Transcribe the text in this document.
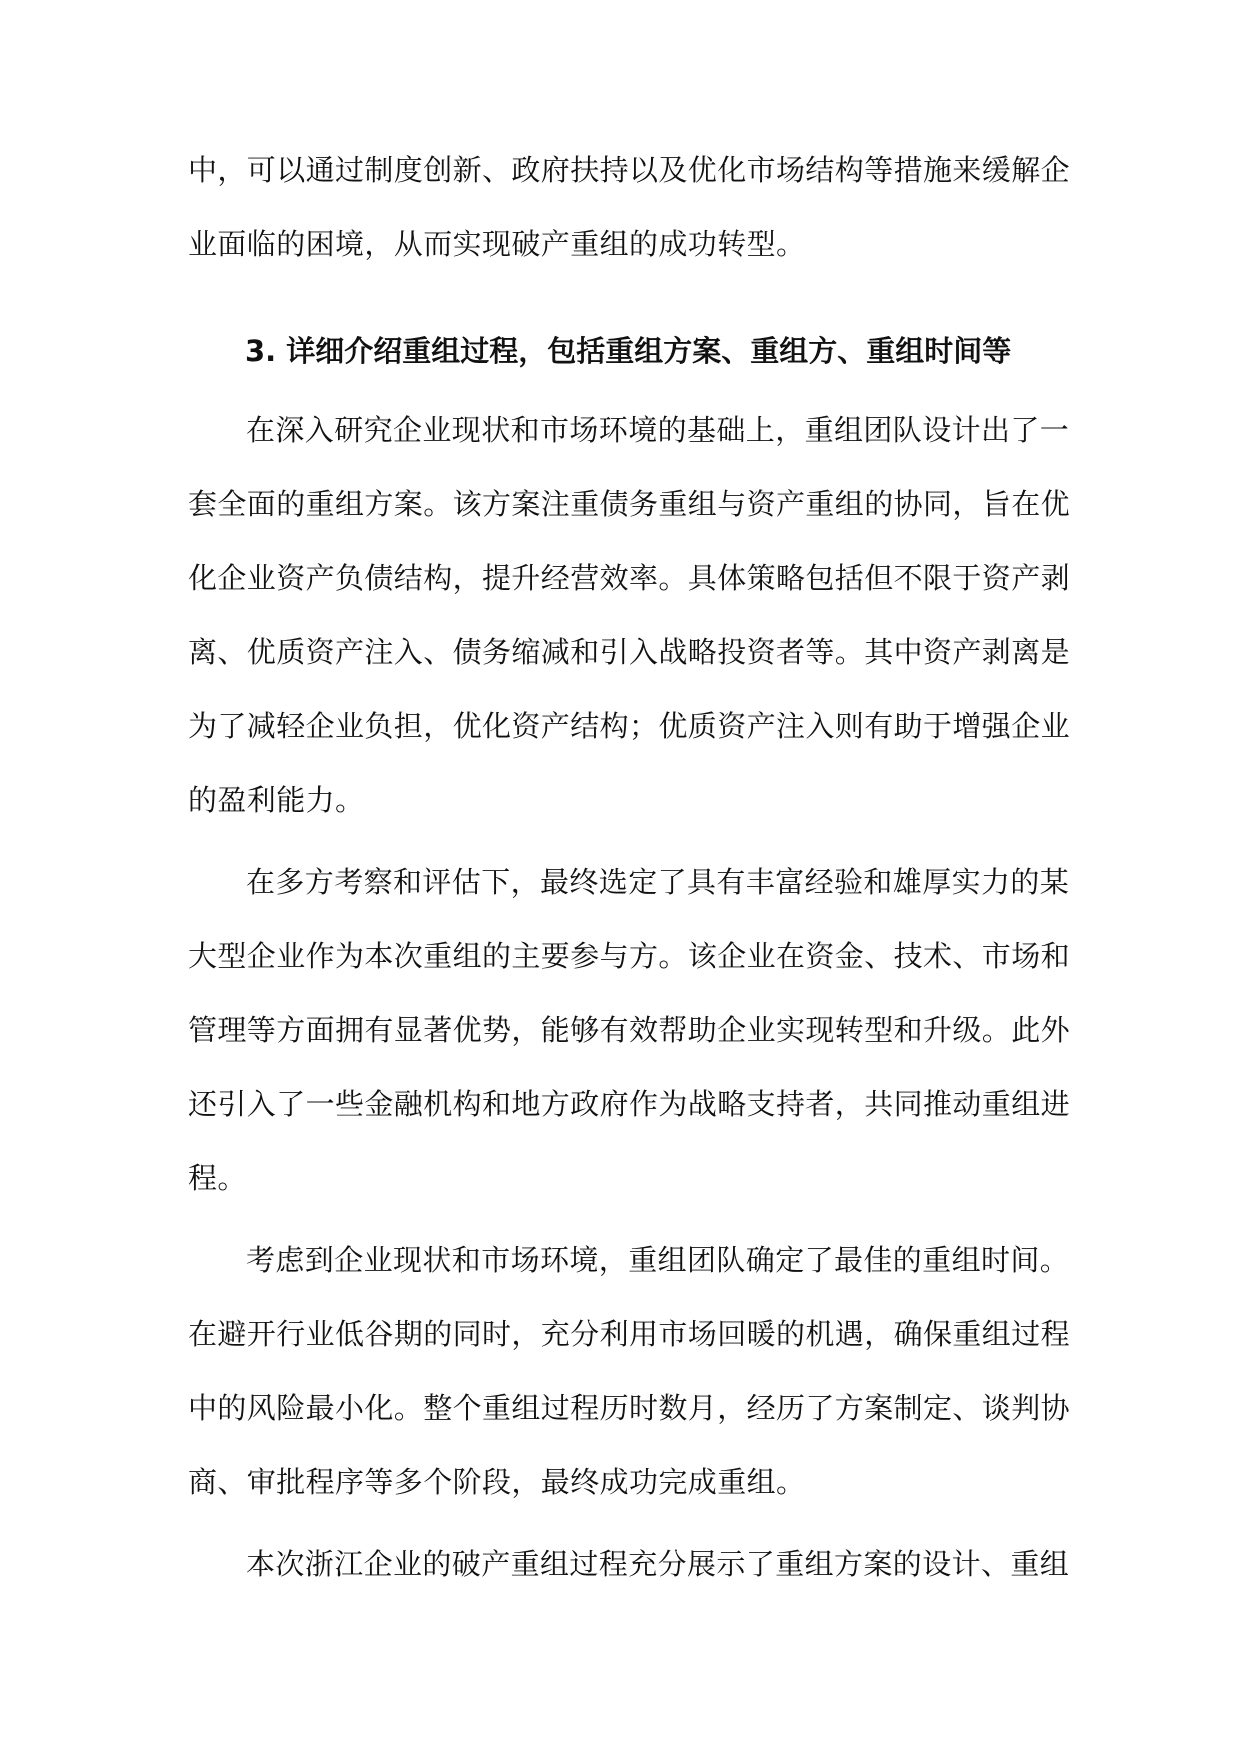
中，可以通过制度创新、政府扶持以及优化市场结构等措施来缓解企
业面临的困境，从而实现破产重组的成功转型。
3. 详细介绍重组过程，包括重组方案、重组方、重组时间等
在深入研究企业现状和市场环境的基础上，重组团队设计出了一
套全面的重组方案。该方案注重债务重组与资产重组的协同，旨在优
化企业资产负债结构，提升经营效率。具体策略包括但不限于资产剥
离、优质资产注入、债务缩减和引入战略投资者等。其中资产剥离是
为了减轻企业负担，优化资产结构；优质资产注入则有助于增强企业
的盈利能力。
在多方考察和评估下，最终选定了具有丰富经验和雄厚实力的某
大型企业作为本次重组的主要参与方。该企业在资金、技术、市场和
管理等方面拥有显著优势，能够有效帮助企业实现转型和升级。此外
还引入了一些金融机构和地方政府作为战略支持者，共同推动重组进
程。
考虑到企业现状和市场环境，重组团队确定了最佳的重组时间。
在避开行业低谷期的同时，充分利用市场回暖的机遇，确保重组过程
中的风险最小化。整个重组过程历时数月，经历了方案制定、谈判协
商、审批程序等多个阶段，最终成功完成重组。
本次浙江企业的破产重组过程充分展示了重组方案的设计、重组
